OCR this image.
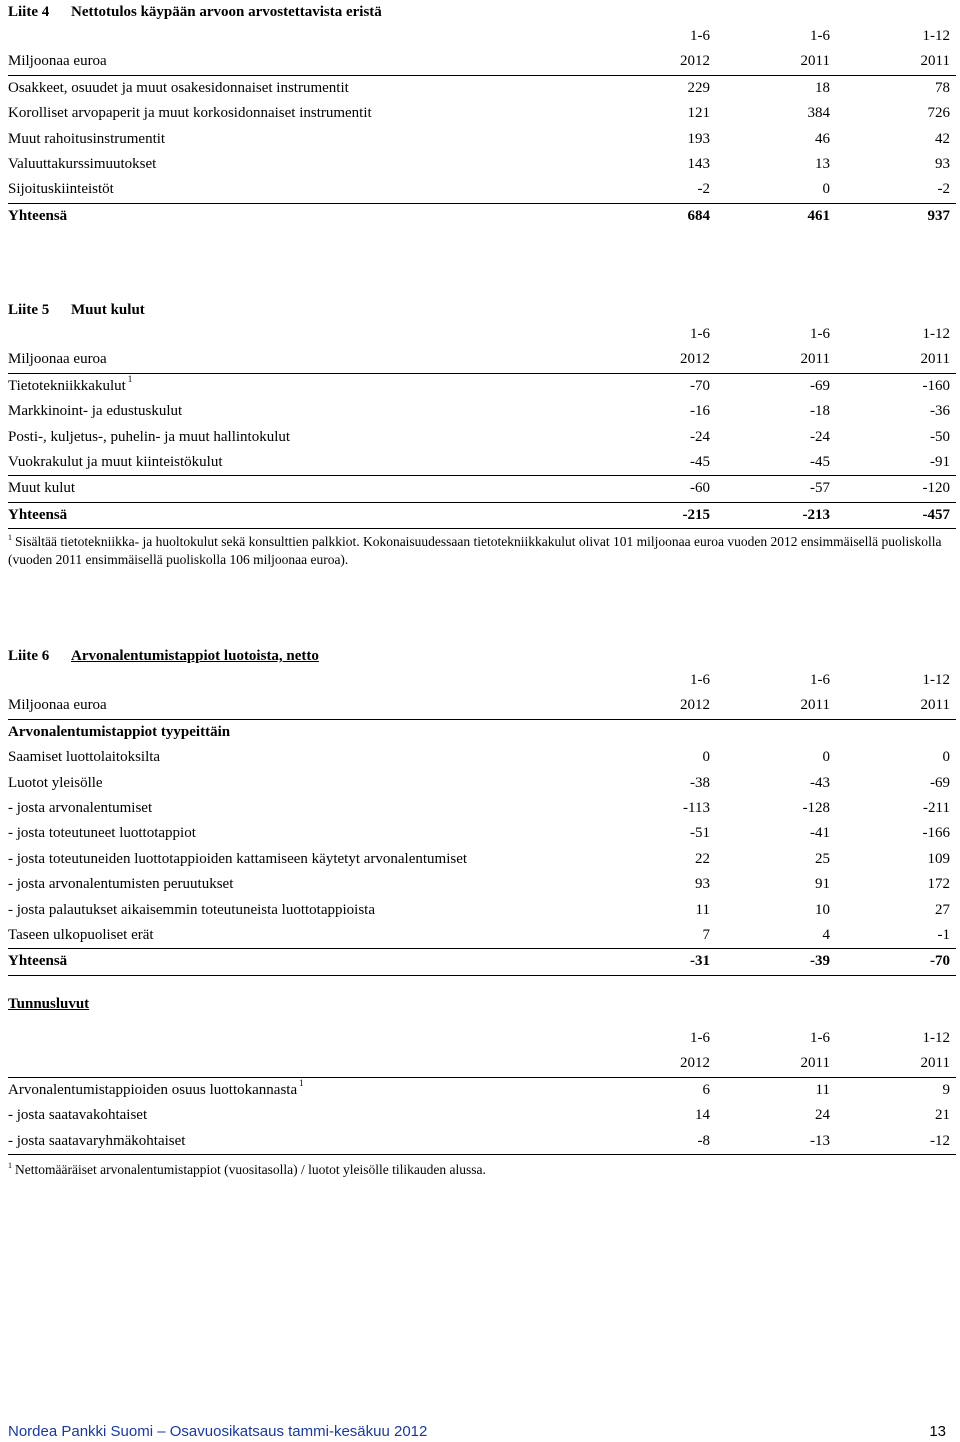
Liite 4 Nettotulos käypään arvoon arvostettavista eristä
1-6	1-6	1-12
Miljoonaa euroa	2012	2011	2011
Osakkeet, osuudet ja muut osakesidonnaiset instrumentit	229	18	78
Korolliset arvopaperit ja muut korkosidonnaiset instrumentit	121	384	726
Muut rahoitusinstrumentit	193	46	42
Valuuttakurssimuutokset	143	13	93
Sijoituskiinteistöt	-2	0	-2
Yhteensä	684	461	937
Liite 5 Muut kulut
1-6	1-6	1-12
Miljoonaa euroa	2012	2011	2011
Tietotekniikkakulut $^1$	-70	-69	-160
Markkinoint- ja edustuskulut	-16	-18	-36
Posti-, kuljetus-, puhelin- ja muut hallintokulut	-24	-24	-50
Vuokrakulut ja muut kiinteistökulut	-45	-45	-91
Muut kulut	-60	-57	-120
Yhteensä	-215	-213	-457
$^1$ Sisältää tietotekniikka- ja huoltokulut sekä konsulttien palkkiot. Kokonaisuudessaan tietotekniikkakulut olivat 101 miljoonaa euroa vuoden 2012 ensimmäisellä puoliskolla (vuoden 2011 ensimmäisellä puoliskolla 106 miljoonaa euroa).
Liite 6 Arvonalentumistappiot luotoista, netto
1-6	1-6	1-12
Miljoonaa euroa	2012	2011	2011
Arvonalentumistappiot tyypeittäin
Saamiset luottolaitoksilta	0	0	0
Luotot yleisölle	-38	-43	-69
- josta arvonalentumiset	-113	-128	-211
- josta toteutuneet luottotappiot	-51	-41	-166
- josta toteutuneiden luottotappioiden kattamiseen käytetyt arvonalentumiset	22	25	109
- josta arvonalentumisten peruutukset	93	91	172
- josta palautukset aikaisemmin toteutuneista luottotappioista	11	10	27
Taseen ulkopuoliset erät	7	4	-1
Yhteensä	-31	-39	-70
Tunnusluvut
1-6	1-6	1-12
2012	2011	2011
Arvonalentumistappioiden osuus luottokannasta $^1$	6	11	9
- josta saatavakohtaiset	14	24	21
- josta saatavaryhmäkohtaiset	-8	-13	-12
$^1$ Nettomääräiset arvonalentumistappiot (vuositasolla) / luotot yleisölle tilikauden alussa.
Nordea Pankki Suomi – Osavuosikatsaus tammi-kesäkuu 2012	13
